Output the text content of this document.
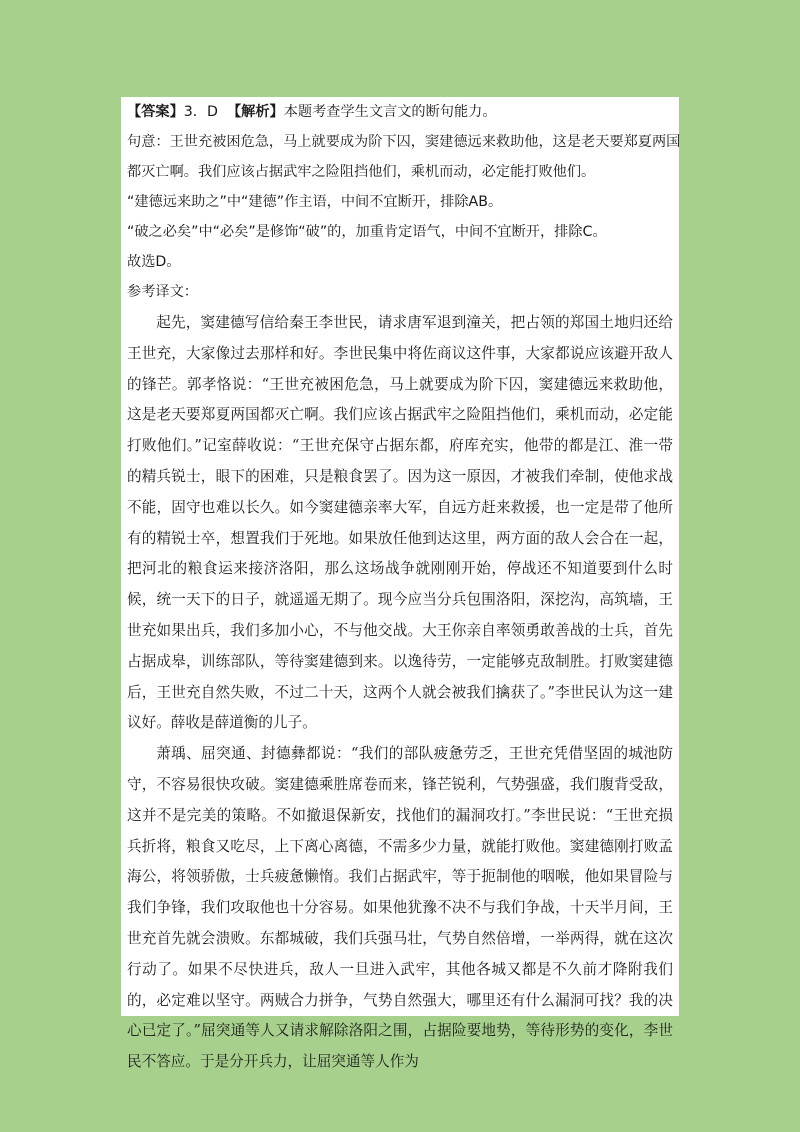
【答案】3．D 【解析】本题考查学生文言文的断句能力。
句意：王世充被困危急，马上就要成为阶下囚，窦建德远来救助他，这是老天要郑夏两国
都灭亡啊。我们应该占据武牢之险阻挡他们，乘机而动，必定能打败他们。
“建德远来助之”中“建德”作主语，中间不宜断开，排除AB。
“破之必矣”中“必矣”是修饰“破”的，加重肯定语气，中间不宜断开，排除C。
故选D。
参考译文：

起先，窦建德写信给秦王李世民，请求唐军退到潼关，把占领的郑国土地归还给王世充，大家像过去那样和好。李世民集中将佐商议这件事，大家都说应该避开敌人的锋芒。郭孝恪说：“王世充被困危急，马上就要成为阶下囚，窦建德远来救助他，这是老天要郑夏两国都灭亡啊。我们应该占据武牢之险阻挡他们，乘机而动，必定能打败他们。”记室薛收说：“王世充保守占据东都，府库充实，他带的都是江、淮一带的精兵锐士，眼下的困难，只是粮食罢了。因为这一原因，才被我们牵制，使他求战不能，固守也难以长久。如今窦建德亲率大军，自远方赶来救援，也一定是带了他所有的精锐士卒，想置我们于死地。如果放任他到达这里，两方面的敌人会合在一起，把河北的粮食运来接济洛阳，那么这场战争就刚刚开始，停战还不知道要到什么时候，统一天下的日子，就遥遥无期了。现今应当分兵包围洛阳，深挖沟，高筑墙，王世充如果出兵，我们多加小心，不与他交战。大王你亲自率领勇敢善战的士兵，首先占据成皋，训练部队，等待窦建德到来。以逸待劳，一定能够克敌制胜。打败窦建德后，王世充自然失败，不过二十天，这两个人就会被我们擒获了。”李世民认为这一建议好。薛收是薛道衡的儿子。

萧瑀、屈突通、封德彝都说：“我们的部队疲惫劳乏，王世充凭借坚固的城池防守，不容易很快攻破。窦建德乘胜席卷而来，锋芒锐利，气势强盛，我们腹背受敌，这并不是完美的策略。不如撤退保新安，找他们的漏洞攻打。”李世民说：“王世充损兵折将，粮食又吃尽，上下离心离德，不需多少力量，就能打败他。窦建德刚打败孟海公，将领骄傲，士兵疲惫懒惰。我们占据武牢，等于扼制他的咽喉，他如果冒险与我们争锋，我们攻取他也十分容易。如果他犹豫不决不与我们争战，十天半月间，王世充首先就会溃败。东都城破，我们兵强马壮，气势自然倍增，一举两得，就在这次行动了。如果不尽快进兵，敌人一旦进入武牢，其他各城又都是不久前才降附我们的，必定难以坚守。两贼合力拼争，气势自然强大，哪里还有什么漏洞可找？我的决心已定了。”屈突通等人又请求解除洛阳之围，占据险要地势，等待形势的变化，李世民不答应。于是分开兵力，让屈突通等人作为
